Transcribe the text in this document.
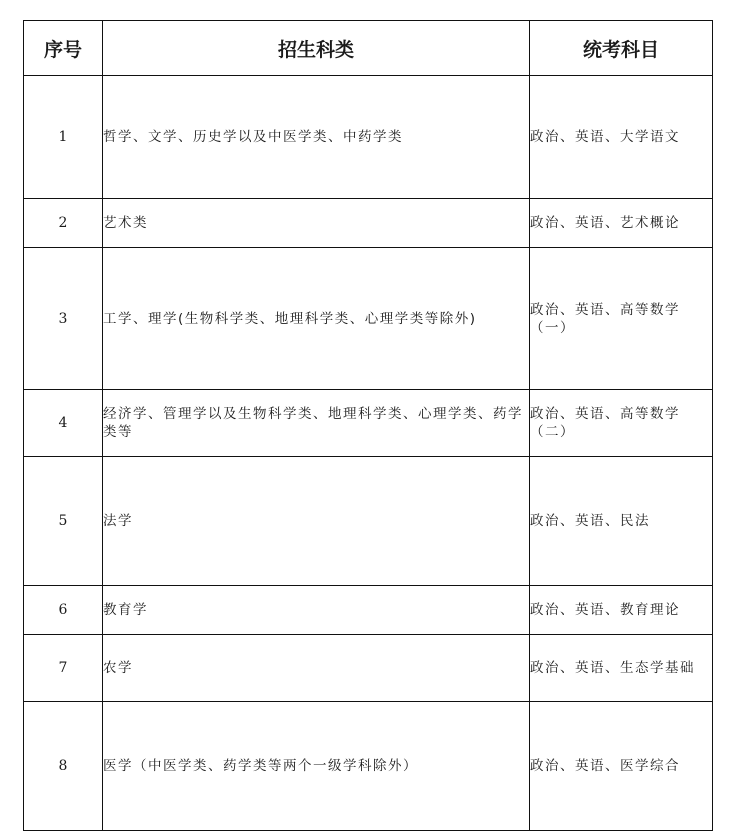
序号	招生科类	统考科目
1	哲学、文学、历史学以及中医学类、中药学类	政治、英语、大学语文
2	艺术类	政治、英语、艺术概论
3	工学、理学(生物科学类、地理科学类、心理学类等除外)	政治、英语、高等数学（一）
4	经济学、管理学以及生物科学类、地理科学类、心理学类、药学类等	政治、英语、高等数学（二）
5	法学	政治、英语、民法
6	教育学	政治、英语、教育理论
7	农学	政治、英语、生态学基础
8	医学（中医学类、药学类等两个一级学科除外）	政治、英语、医学综合
